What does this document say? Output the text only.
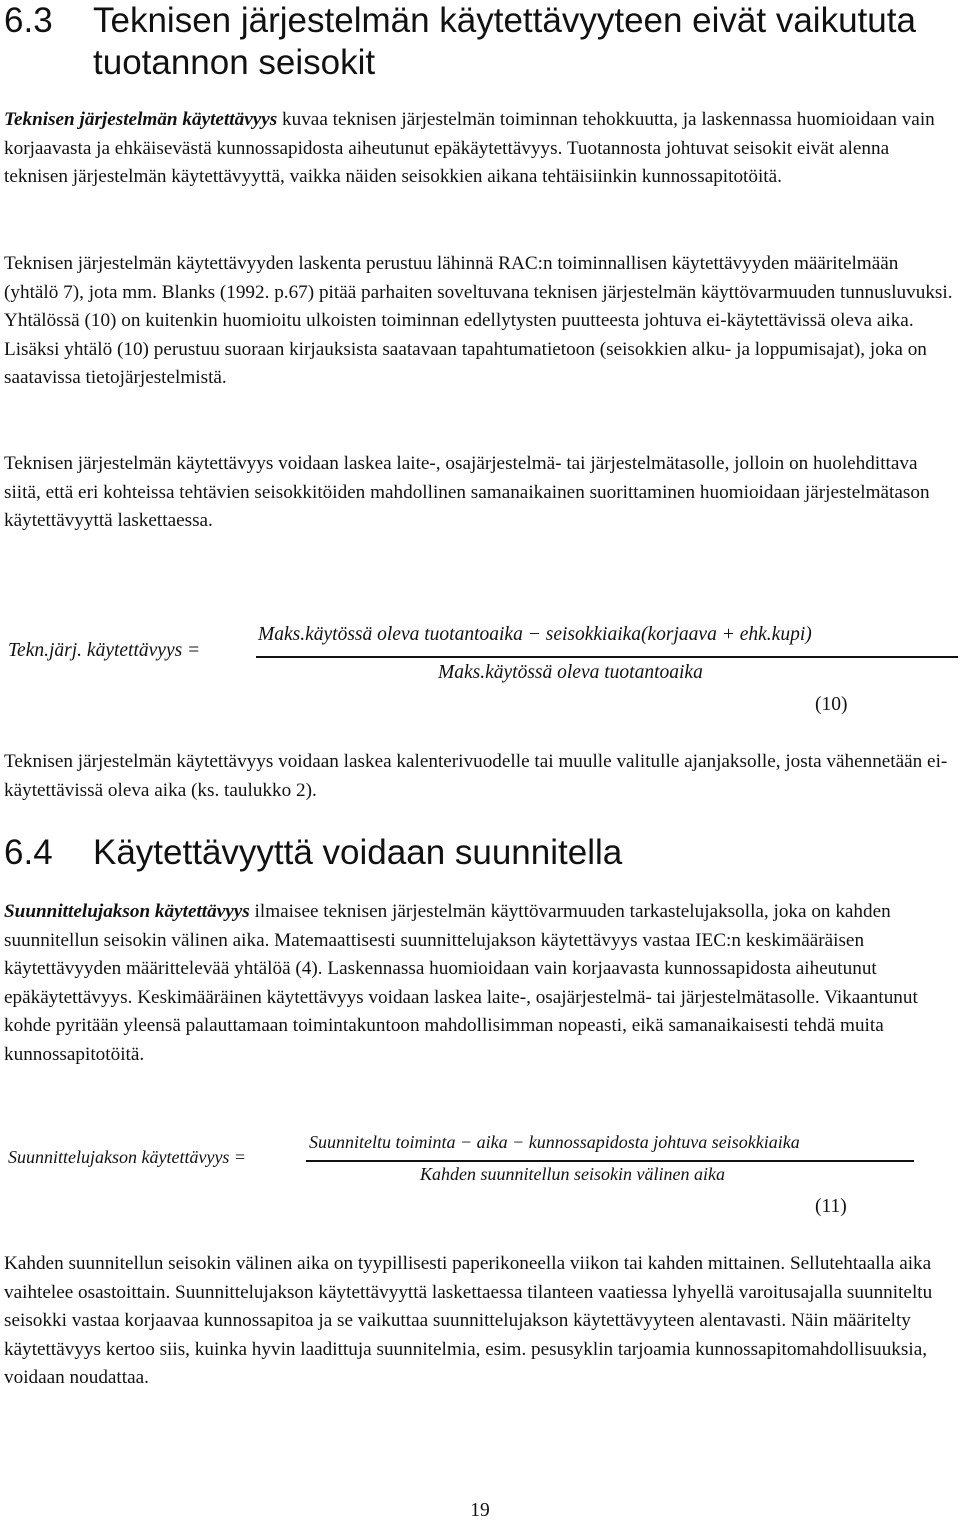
6.3 Teknisen järjestelmän käytettävyyteen eivät vaikututa tuotannon seisokit

Teknisen järjestelmän käytettävyys kuvaa teknisen järjestelmän toiminnan tehokkuutta, ja laskennassa huomioidaan vain korjaavasta ja ehkäisevästä kunnossapidosta aiheutunut epäkäytettävyys. Tuotannosta johtuvat seisokit eivät alenna teknisen järjestelmän käytettävyyttä, vaikka näiden seisokkien aikana tehtäisiinkin kunnossapitotöitä.

Teknisen järjestelmän käytettävyyden laskenta perustuu lähinnä RAC:n toiminnallisen käytettävyyden määritelmään (yhtälö 7), jota mm. Blanks (1992. p.67) pitää parhaiten soveltuvana teknisen järjestelmän käyttövarmuuden tunnusluvuksi. Yhtälössä (10) on kuitenkin huomioitu ulkoisten toiminnan edellytysten puutteesta johtuva ei-käytettävissä oleva aika. Lisäksi yhtälö (10) perustuu suoraan kirjauksista saatavaan tapahtumatietoon (seisokkien alku- ja loppumisajat), joka on saatavissa tietojärjestelmistä.

Teknisen järjestelmän käytettävyys voidaan laskea laite-, osajärjestelmä- tai järjestelmätasolle, jolloin on huolehdittava siitä, että eri kohteissa tehtävien seisokkitöiden mahdollinen samanaikainen suorittaminen huomioidaan järjestelmätason käytettävyyttä laskettaessa.

Tekn.järj. käytettävyys =
Maks.käytössä oleva tuotantoaika − seisokkiaika(korjaava + ehk.kupi)
Maks.käytössä oleva tuotantoaika
(10)

Teknisen järjestelmän käytettävyys voidaan laskea kalenterivuodelle tai muulle valitulle ajanjaksolle, josta vähennetään ei-käytettävissä oleva aika (ks. taulukko 2).

6.4 Käytettävyyttä voidaan suunnitella

Suunnittelujakson käytettävyys ilmaisee teknisen järjestelmän käyttövarmuuden tarkastelujaksolla, joka on kahden suunnitellun seisokin välinen aika. Matemaattisesti suunnittelujakson käytettävyys vastaa IEC:n keskimääräisen käytettävyyden määrittelevää yhtälöä (4). Laskennassa huomioidaan vain korjaavasta kunnossapidosta aiheutunut epäkäytettävyys. Keskimääräinen käytettävyys voidaan laskea laite-, osajärjestelmä- tai järjestelmätasolle. Vikaantunut kohde pyritään yleensä palauttamaan toimintakuntoon mahdollisimman nopeasti, eikä samanaikaisesti tehdä muita kunnossapitotöitä.

Suunnittelujakson käytettävyys =
Suunniteltu toiminta − aika − kunnossapidosta johtuva seisokkiaika
Kahden suunnitellun seisokin välinen aika
(11)

Kahden suunnitellun seisokin välinen aika on tyypillisesti paperikoneella viikon tai kahden mittainen. Sellutehtaalla aika vaihtelee osastoittain. Suunnittelujakson käytettävyyttä laskettaessa tilanteen vaatiessa lyhyellä varoitusajalla suunniteltu seisokki vastaa korjaavaa kunnossapitoa ja se vaikuttaa suunnittelujakson käytettävyyteen alentavasti. Näin määritelty käytettävyys kertoo siis, kuinka hyvin laadittuja suunnitelmia, esim. pesusyklin tarjoamia kunnossapitomahdollisuuksia, voidaan noudattaa.

19
